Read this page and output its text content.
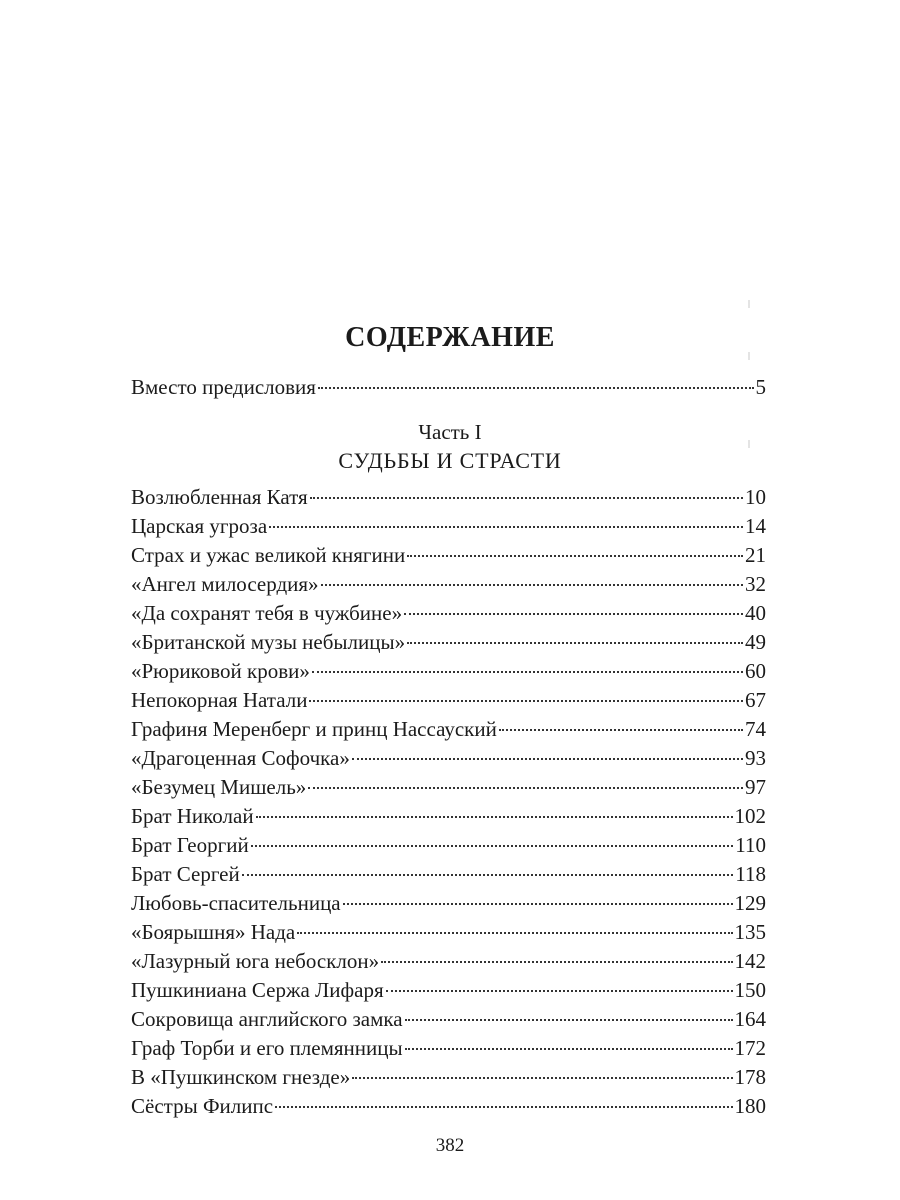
СОДЕРЖАНИЕ
Вместо предисловия	5
Часть I
СУДЬБЫ И СТРАСТИ
Возлюбленная Катя	10
Царская угроза	14
Страх и ужас великой княгини	21
«Ангел милосердия»	32
«Да сохранят тебя в чужбине»	40
«Британской музы небылицы»	49
«Рюриковой крови»	60
Непокорная Натали	67
Графиня Меренберг и принц Нассауский	74
«Драгоценная Софочка»	93
«Безумец Мишель»	97
Брат Николай	102
Брат Георгий	110
Брат Сергей	118
Любовь-спасительница	129
«Боярышня» Нада	135
«Лазурный юга небосклон»	142
Пушкиниана Сержа Лифаря	150
Сокровища английского замка	164
Граф Торби и его племянницы	172
В «Пушкинском гнезде»	178
Сёстры Филипс	180
382
